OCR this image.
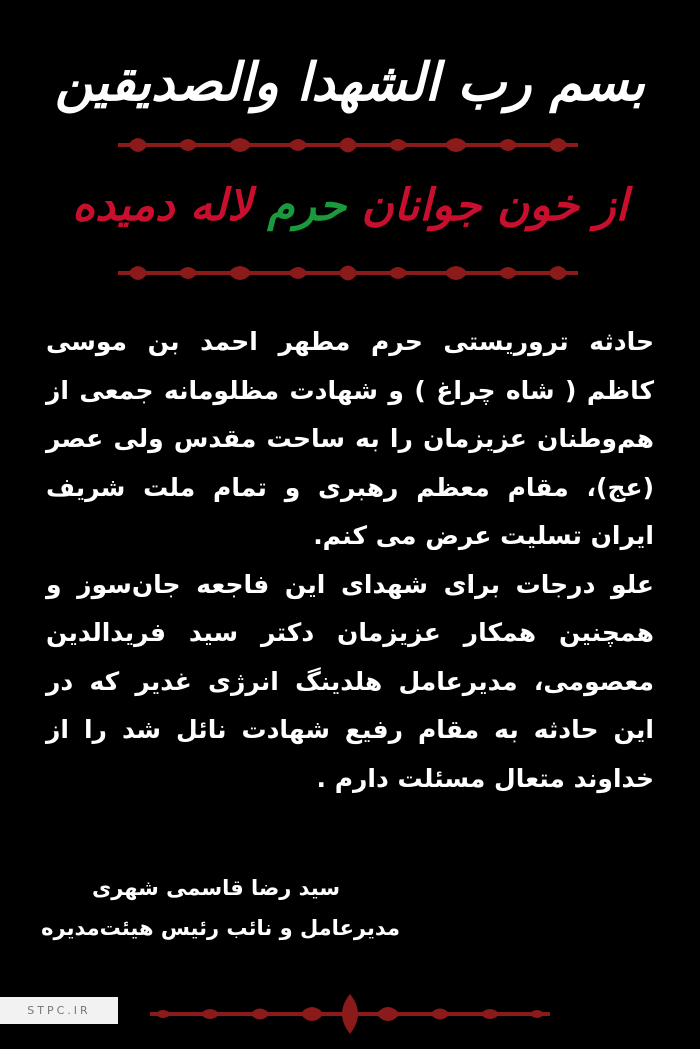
بسم رب الشهدا والصدیقین
از خون جوانان حرم لاله دمیده
حادثه تروریستی حرم مطهر احمد بن موسی کاظم ( شاه چراغ ) و شهادت مظلومانه جمعی از هم‌وطنان عزیزمان را به ساحت مقدس ولی عصر (عج)، مقام معظم رهبری و تمام ملت شریف ایران تسلیت عرض می کنم.
علو درجات برای شهدای این فاجعه جان‌سوز و همچنین همکار عزیزمان دکتر سید فریدالدین معصومی، مدیرعامل هلدینگ انرژی غدیر که در این حادثه به مقام رفیع شهادت نائل شد را از خداوند متعال مسئلت دارم .
سید رضا قاسمی شهری
مدیرعامل و نائب رئیس هیئت‌مدیره
STPC.IR
